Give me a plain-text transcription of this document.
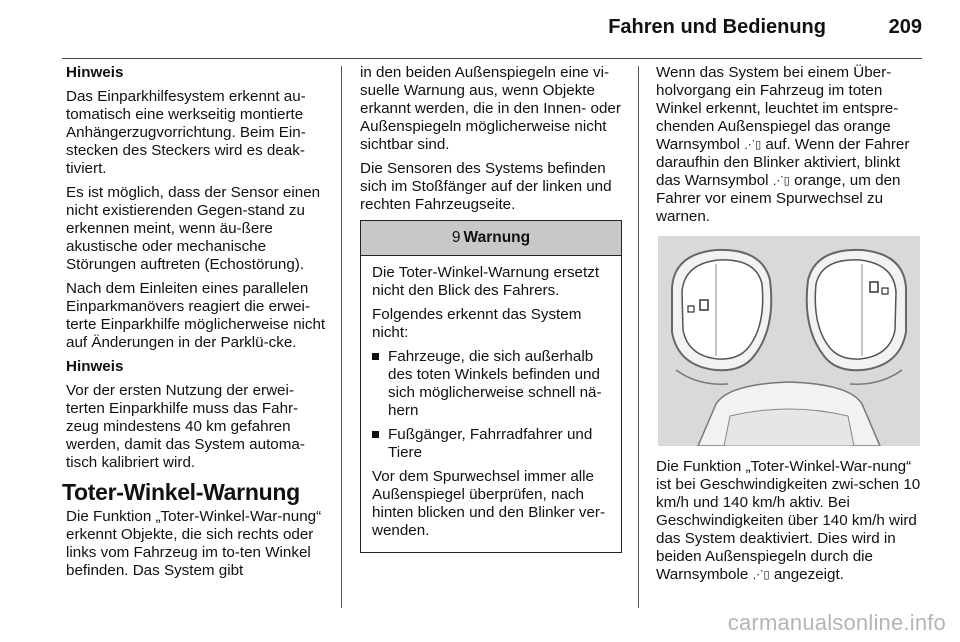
Fahren und Bedienung	209

Hinweis

Das Einparkhilfesystem erkennt au-tomatisch eine werkseitig montierte Anhängerzugvorrichtung. Beim Ein-stecken des Steckers wird es deak-tiviert.

Es ist möglich, dass der Sensor einen nicht existierenden Gegen-stand zu erkennen meint, wenn äu-ßere akustische oder mechanische Störungen auftreten (Echostörung).

Nach dem Einleiten eines parallelen Einparkmanövers reagiert die erwei-terte Einparkhilfe möglicherweise nicht auf Änderungen in der Parklü-cke.

Hinweis

Vor der ersten Nutzung der erwei-terten Einparkhilfe muss das Fahr-zeug mindestens 40 km gefahren werden, damit das System automa-tisch kalibriert wird.

Toter-Winkel-Warnung

Die Funktion „Toter-Winkel-War-nung“ erkennt Objekte, die sich rechts oder links vom Fahrzeug im to-ten Winkel befinden. Das System gibt

in den beiden Außenspiegeln eine vi-suelle Warnung aus, wenn Objekte erkannt werden, die in den Innen- oder Außenspiegeln möglicherweise nicht sichtbar sind.

Die Sensoren des Systems befinden sich im Stoßfänger auf der linken und rechten Fahrzeugseite.

9 Warnung

Die Toter-Winkel-Warnung ersetzt nicht den Blick des Fahrers.

Folgendes erkennt das System nicht:

Fahrzeuge, die sich außerhalb des toten Winkels befinden und sich möglicherweise schnell nä-hern
Fußgänger, Fahrradfahrer und Tiere

Vor dem Spurwechsel immer alle Außenspiegel überprüfen, nach hinten blicken und den Blinker ver-wenden.

Wenn das System bei einem Über-holvorgang ein Fahrzeug im toten Winkel erkennt, leuchtet im entspre-chenden Außenspiegel das orange Warnsymbol ⋰▯ auf. Wenn der Fahrer daraufhin den Blinker aktiviert, blinkt das Warnsymbol ⋰▯ orange, um den Fahrer vor einem Spurwechsel zu warnen.

Die Funktion „Toter-Winkel-War-nung“ ist bei Geschwindigkeiten zwi-schen 10 km/h und 140 km/h aktiv. Bei Geschwindigkeiten über 140 km/h wird das System deaktiviert. Dies wird in beiden Außenspiegeln durch die Warnsymbole ⋰▯ angezeigt.

carmanualsonline.info
